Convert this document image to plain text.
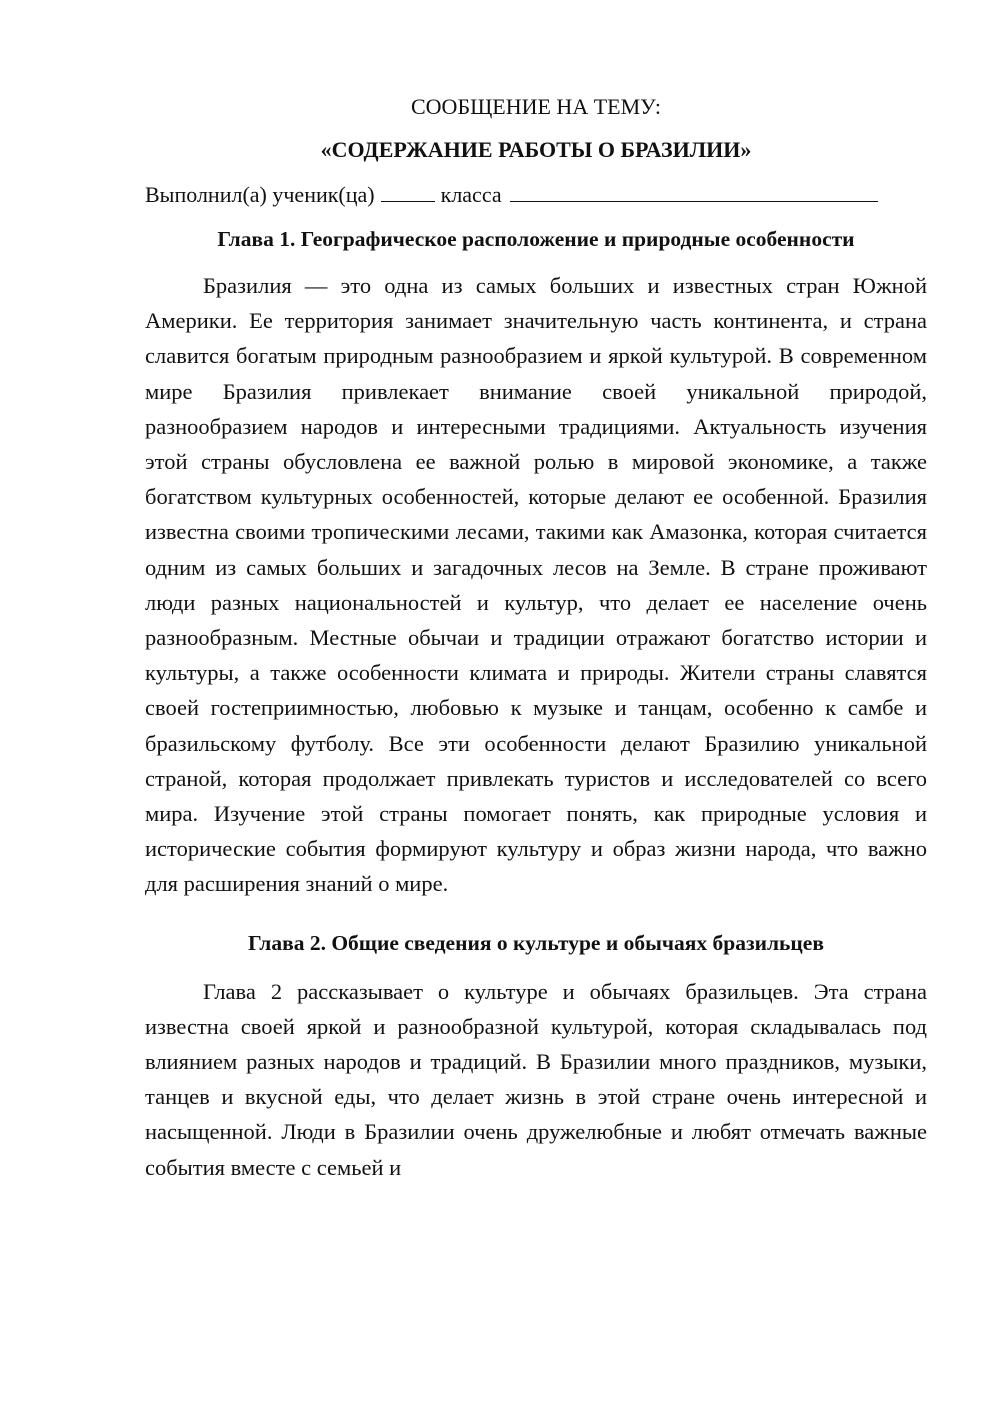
СООБЩЕНИЕ НА ТЕМУ:

«СОДЕРЖАНИЕ РАБОТЫ О БРАЗИЛИИ»

Выполнил(а) ученик(ца)	класса

Глава 1. Географическое расположение и природные особенности

Бразилия — это одна из самых больших и известных стран Южной Америки. Ее территория занимает значительную часть континента, и страна славится богатым природным разнообразием и яркой культурой. В современном мире Бразилия привлекает внимание своей уникальной природой, разнообразием народов и интересными традициями. Актуальность изучения этой страны обусловлена ее важной ролью в мировой экономике, а также богатством культурных особенностей, которые делают ее особенной. Бразилия известна своими тропическими лесами, такими как Амазонка, которая считается одним из самых больших и загадочных лесов на Земле. В стране проживают люди разных национальностей и культур, что делает ее население очень разнообразным. Местные обычаи и традиции отражают богатство истории и культуры, а также особенности климата и природы. Жители страны славятся своей гостеприимностью, любовью к музыке и танцам, особенно к самбе и бразильскому футболу. Все эти особенности делают Бразилию уникальной страной, которая продолжает привлекать туристов и исследователей со всего мира. Изучение этой страны помогает понять, как природные условия и исторические события формируют культуру и образ жизни народа, что важно для расширения знаний о мире.

Глава 2. Общие сведения о культуре и обычаях бразильцев

Глава 2 рассказывает о культуре и обычаях бразильцев. Эта страна известна своей яркой и разнообразной культурой, которая складывалась под влиянием разных народов и традиций. В Бразилии много праздников, музыки, танцев и вкусной еды, что делает жизнь в этой стране очень интересной и насыщенной. Люди в Бразилии очень дружелюбные и любят отмечать важные события вместе с семьей и
